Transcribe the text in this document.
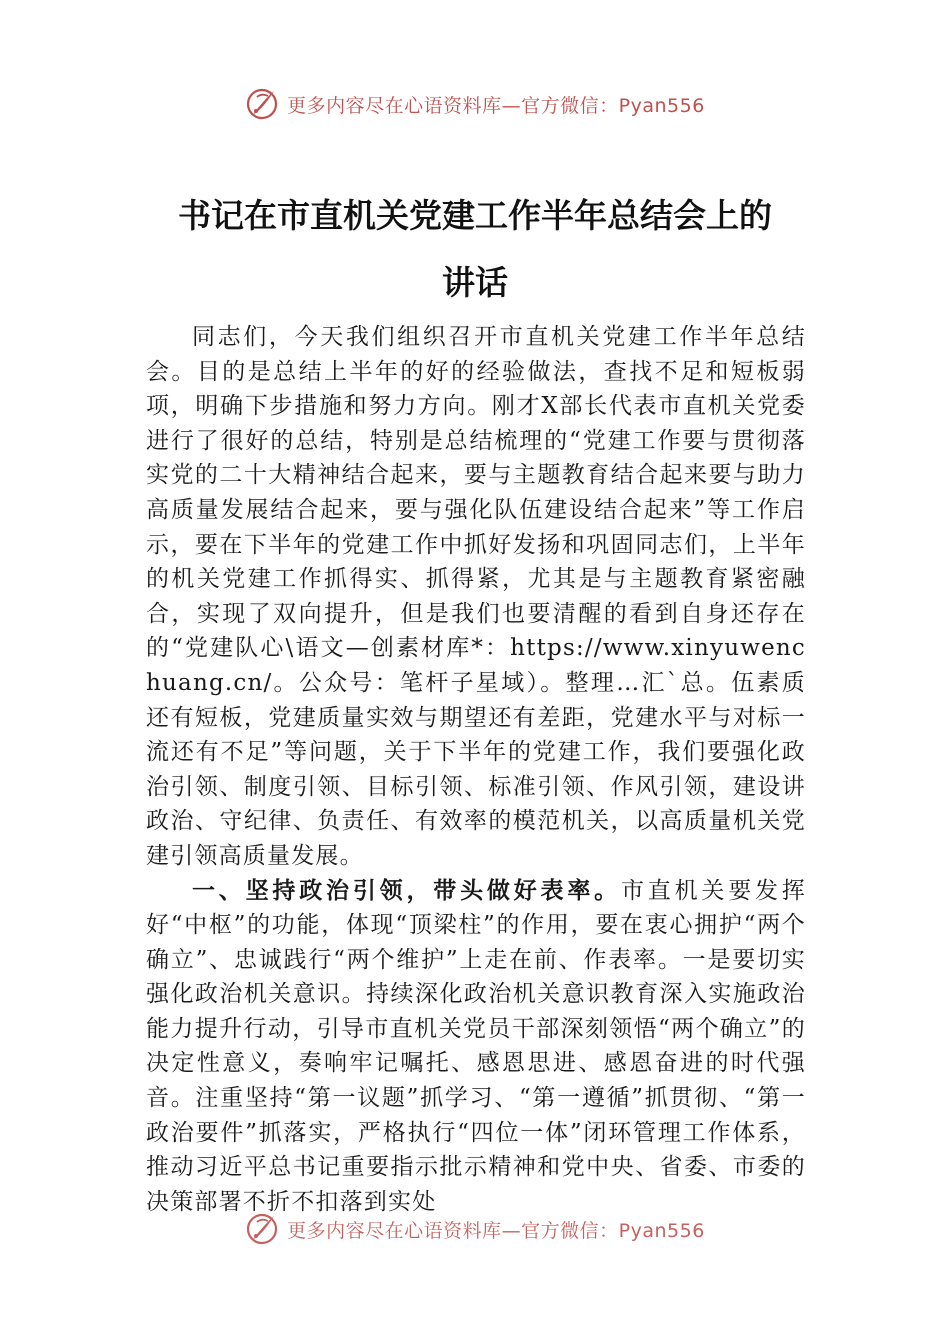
更多内容尽在心语资料库—官方微信：Pyan556
书记在市直机关党建工作半年总结会上的
讲话

同志们，今天我们组织召开市直机关党建工作半年总结会。目的是总结上半年的好的经验做法，查找不足和短板弱项，明确下步措施和努力方向。刚才X部长代表市直机关党委进行了很好的总结，特别是总结梳理的“党建工作要与贯彻落实党的二十大精神结合起来，要与主题教育结合起来要与助力高质量发展结合起来，要与强化队伍建设结合起来”等工作启示，要在下半年的党建工作中抓好发扬和巩固同志们，上半年的机关党建工作抓得实、抓得紧，尤其是与主题教育紧密融合，实现了双向提升，但是我们也要清醒的看到自身还存在的“党建队心\语文—创素材库*：https://www.xinyuwenchuang.cn/。公众号：笔杆子星域）。整理…汇`总。伍素质还有短板，党建质量实效与期望还有差距，党建水平与对标一流还有不足”等问题，关于下半年的党建工作，我们要强化政治引领、制度引领、目标引领、标准引领、作风引领，建设讲政治、守纪律、负责任、有效率的模范机关，以高质量机关党建引领高质量发展。

一、坚持政治引领，带头做好表率。市直机关要发挥好“中枢”的功能，体现“顶梁柱”的作用，要在衷心拥护“两个确立”、忠诚践行“两个维护”上走在前、作表率。一是要切实强化政治机关意识。持续深化政治机关意识教育深入实施政治能力提升行动，引导市直机关党员干部深刻领悟“两个确立”的决定性意义，奏响牢记嘱托、感恩思进、感恩奋进的时代强音。注重坚持“第一议题”抓学习、“第一遵循”抓贯彻、“第一政治要件”抓落实，严格执行“四位一体”闭环管理工作体系，推动习近平总书记重要指示批示精神和党中央、省委、市委的决策部署不折不扣落到实处

更多内容尽在心语资料库—官方微信：Pyan556
